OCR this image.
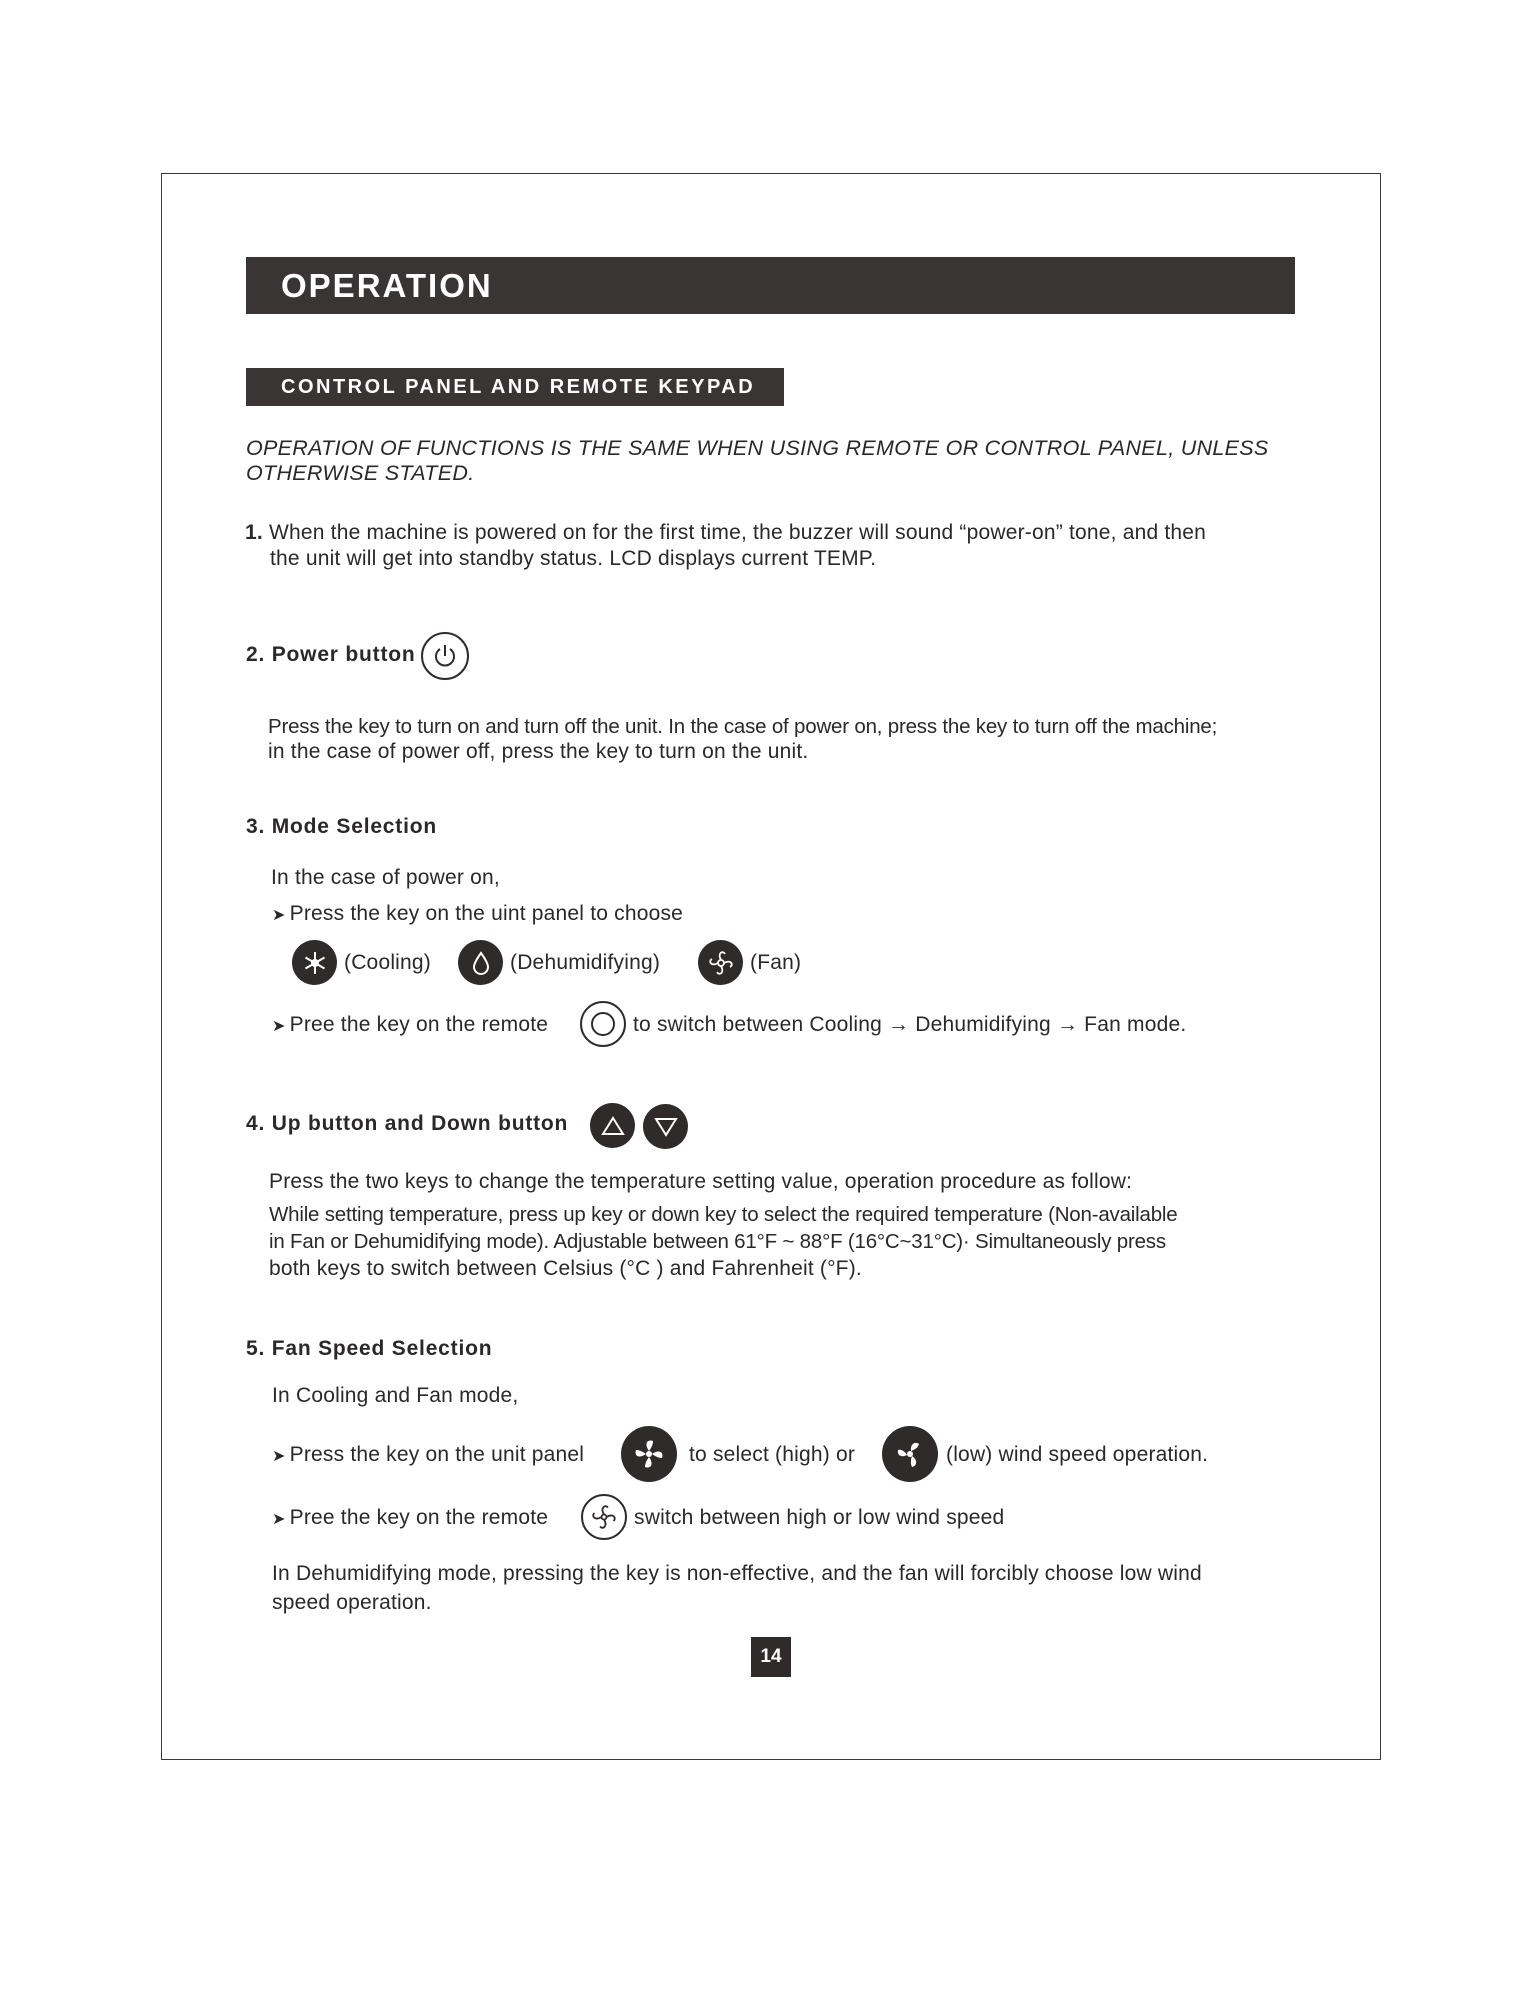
OPERATION
CONTROL PANEL AND REMOTE KEYPAD
OPERATION OF FUNCTIONS IS THE SAME WHEN USING REMOTE OR CONTROL PANEL, UNLESS OTHERWISE STATED.
1. When the machine is powered on for the first time, the buzzer will sound “power-on” tone, and then
the unit will get into standby status. LCD displays current TEMP.
2. Power button
Press the key to turn on and turn off the unit. In the case of power on, press the key to turn off the machine;
in the case of power off, press the key to turn on the unit.
3. Mode Selection
In the case of power on,
➤ Press the key on the uint panel to choose
(Cooling)	(Dehumidifying)	(Fan)
➤ Pree the key on the remote	to switch between Cooling → Dehumidifying → Fan mode.
4. Up button and Down button
Press the two keys to change the temperature setting value, operation procedure as follow:
While setting temperature, press up key or down key to select the required temperature (Non-available
in Fan or Dehumidifying mode). Adjustable between 61°F ~ 88°F (16°C~31°C)· Simultaneously press
both keys to switch between Celsius (°C ) and Fahrenheit (°F).
5. Fan Speed Selection
In Cooling and Fan mode,
➤ Press the key on the unit panel	to select (high) or	(low) wind speed operation.
➤ Pree the key on the remote	switch between high or low wind speed
In Dehumidifying mode, pressing the key is non-effective, and the fan will forcibly choose low wind
speed operation.
14
